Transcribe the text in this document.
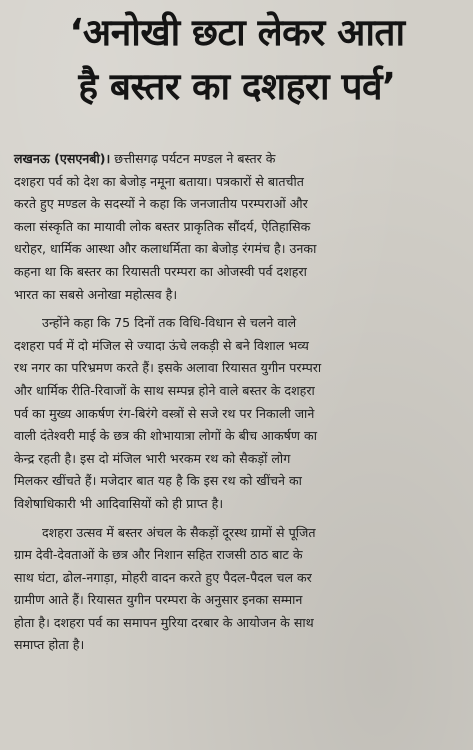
‘अनोखी छटा लेकर आता
है बस्तर का दशहरा पर्व’

लखनऊ (एसएनबी)। छत्तीसगढ़ पर्यटन मण्डल ने बस्तर के
दशहरा पर्व को देश का बेजोड़ नमूना बताया। पत्रकारों से बातचीत
करते हुए मण्डल के सदस्यों ने कहा कि जनजातीय परम्पराओं और
कला संस्कृति का मायावी लोक बस्तर प्राकृतिक सौंदर्य, ऐतिहासिक
धरोहर, धार्मिक आस्था और कलाधर्मिता का बेजोड़ रंगमंच है। उनका
कहना था कि बस्तर का रियासती परम्परा का ओजस्वी पर्व दशहरा
भारत का सबसे अनोखा महोत्सव है।

उन्होंने कहा कि 75 दिनों तक विधि-विधान से चलने वाले
दशहरा पर्व में दो मंजिल से ज्यादा ऊंचे लकड़ी से बने विशाल भव्य
रथ नगर का परिभ्रमण करते हैं। इसके अलावा रियासत युगीन परम्परा
और धार्मिक रीति-रिवाजों के साथ सम्पन्न होने वाले बस्तर के दशहरा
पर्व का मुख्य आकर्षण रंग-बिरंगे वस्त्रों से सजे रथ पर निकाली जाने
वाली दंतेश्वरी माई के छत्र की शोभायात्रा लोगों के बीच आकर्षण का
केन्द्र रहती है। इस दो मंजिल भारी भरकम रथ को सैकड़ों लोग
मिलकर खींचते हैं। मजेदार बात यह है कि इस रथ को खींचने का
विशेषाधिकारी भी आदिवासियों को ही प्राप्त है।

दशहरा उत्सव में बस्तर अंचल के सैकड़ों दूरस्थ ग्रामों से पूजित
ग्राम देवी-देवताओं के छत्र और निशान सहित राजसी ठाठ बाट के
साथ घंटा, ढोल-नगाड़ा, मोहरी वादन करते हुए पैदल-पैदल चल कर
ग्रामीण आते हैं। रियासत युगीन परम्परा के अनुसार इनका सम्मान
होता है। दशहरा पर्व का समापन मुरिया दरबार के आयोजन के साथ
समाप्त होता है।
